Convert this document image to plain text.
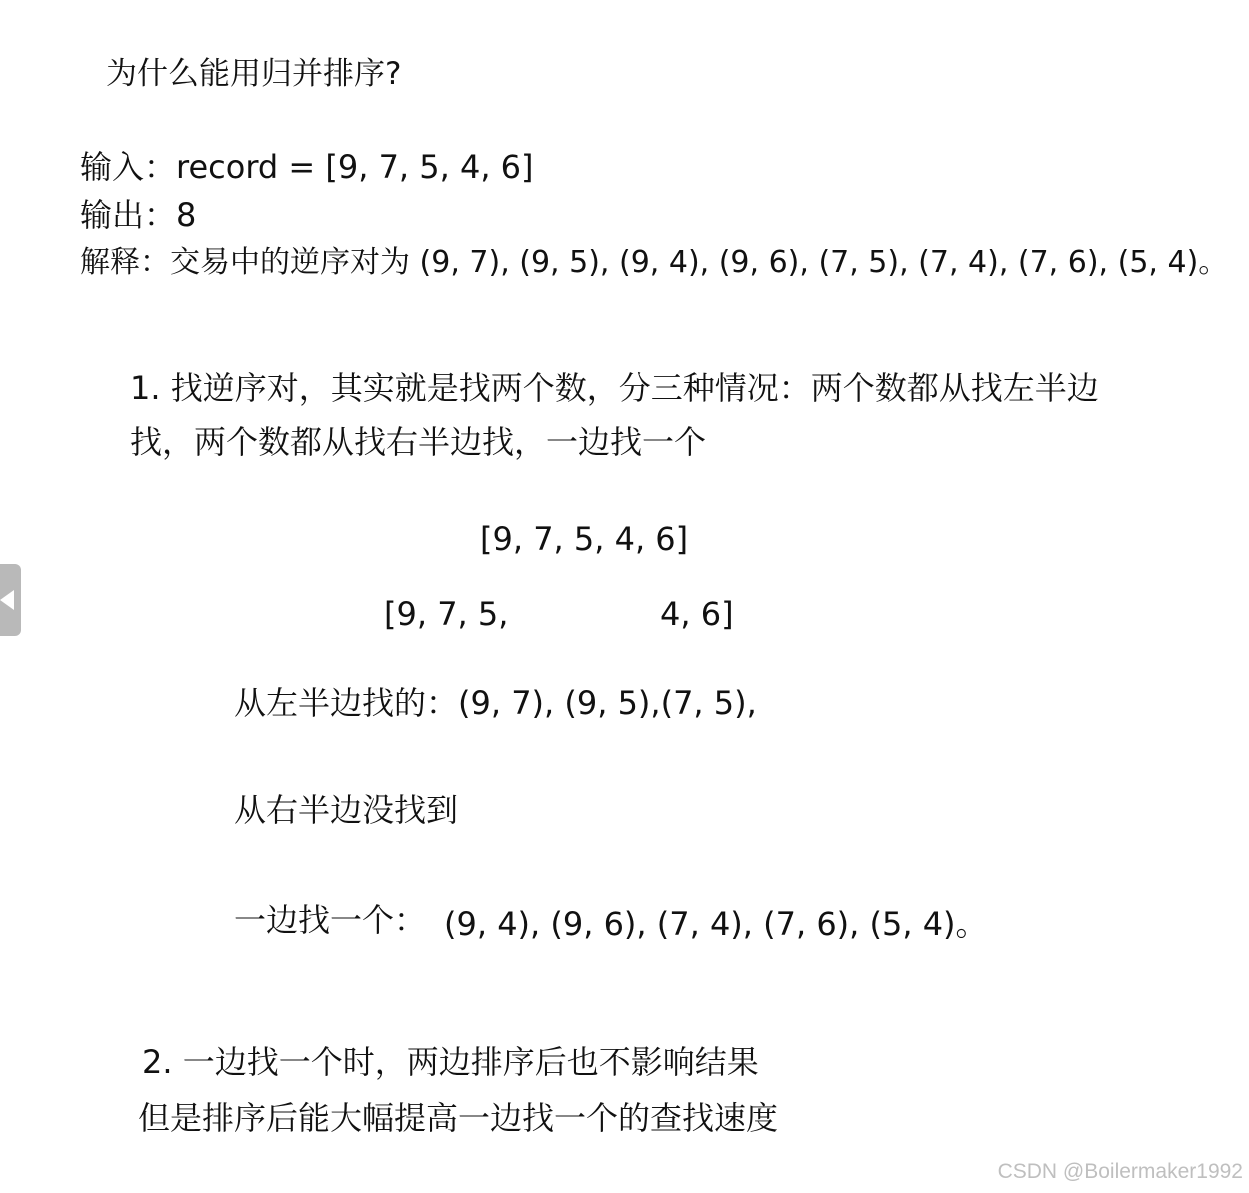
为什么能用归并排序?
输入：record = [9, 7, 5, 4, 6]
输出：8
解释：交易中的逆序对为 (9, 7), (9, 5), (9, 4), (9, 6), (7, 5), (7, 4), (7, 6), (5, 4)。
1. 找逆序对，其实就是找两个数，分三种情况：两个数都从找左半边
找，两个数都从找右半边找，一边找一个
[9, 7, 5, 4, 6]
[9, 7, 5,	4, 6]
从左半边找的：(9, 7), (9, 5),(7, 5),
从右半边没找到
一边找一个： (9, 4), (9, 6), (7, 4), (7, 6), (5, 4)。
2. 一边找一个时，两边排序后也不影响结果
但是排序后能大幅提高一边找一个的查找速度
CSDN @Boilermaker1992
